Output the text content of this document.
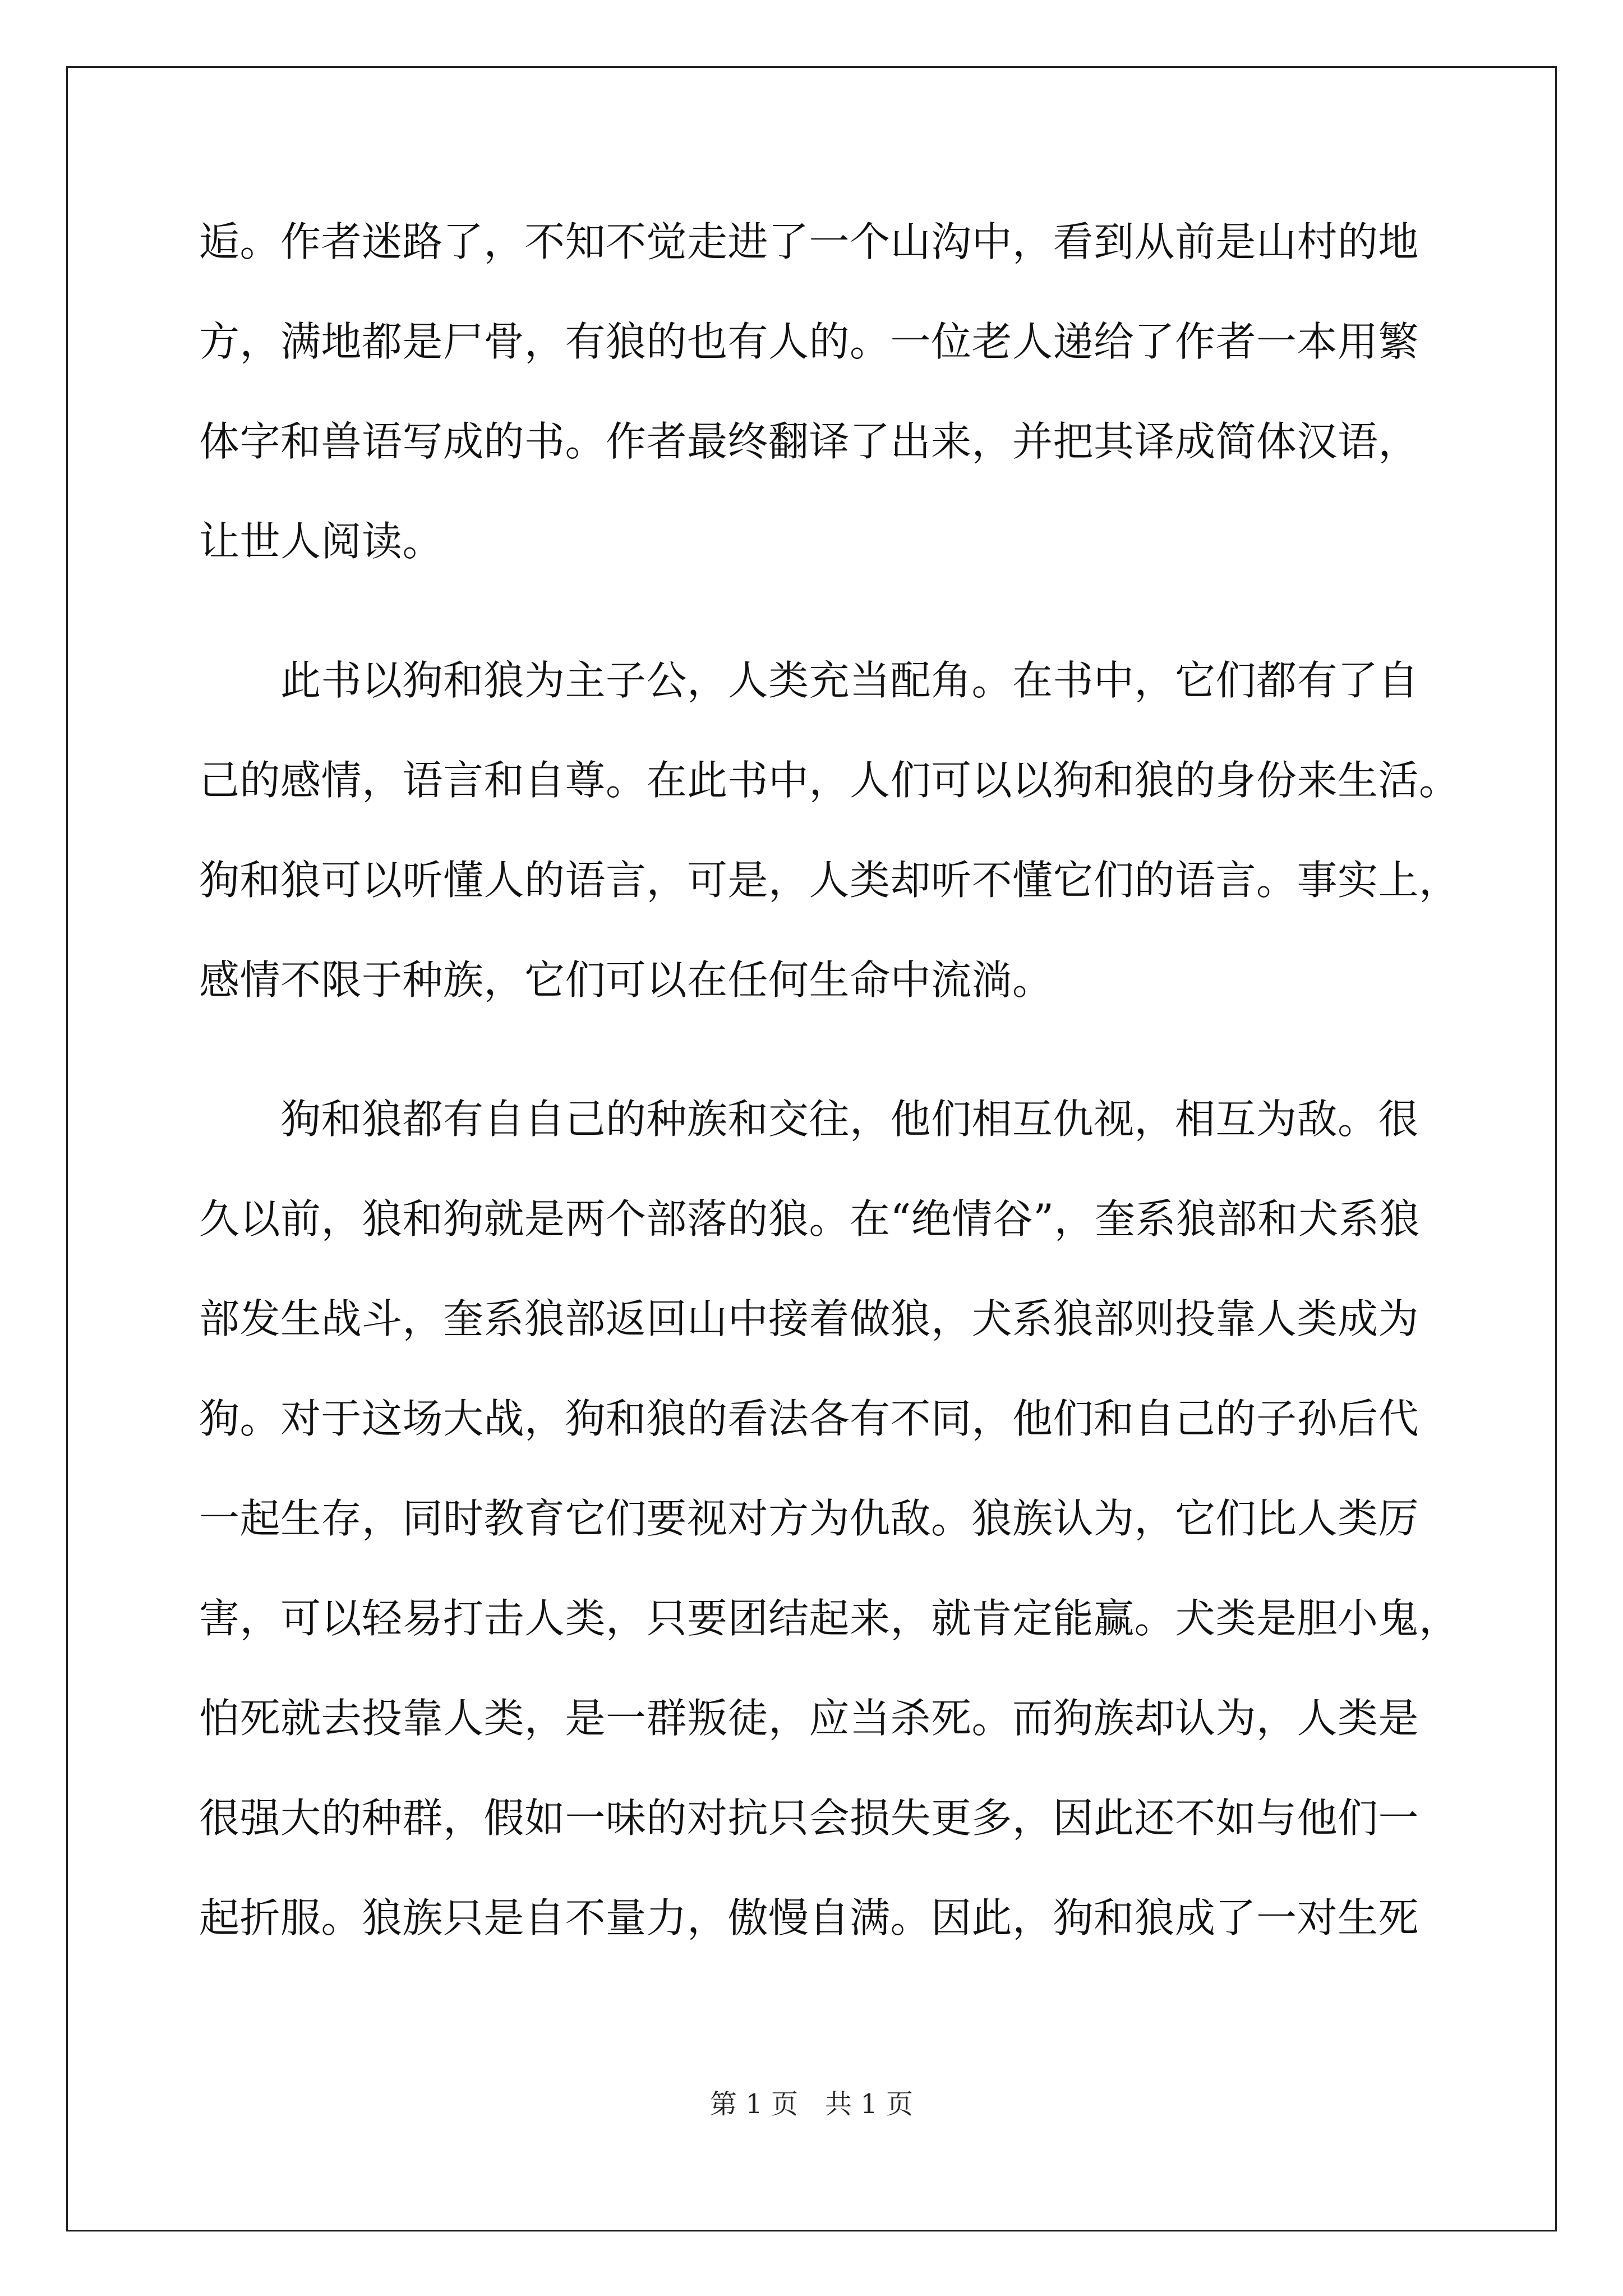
逅。作者迷路了，不知不觉走进了一个山沟中，看到从前是山村的地
方，满地都是尸骨，有狼的也有人的。一位老人递给了作者一本用繁
体字和兽语写成的书。作者最终翻译了出来，并把其译成简体汉语，
让世人阅读。
　　此书以狗和狼为主子公，人类充当配角。在书中，它们都有了自
己的感情，语言和自尊。在此书中，人们可以以狗和狼的身份来生活。
狗和狼可以听懂人的语言，可是，人类却听不懂它们的语言。事实上，
感情不限于种族，它们可以在任何生命中流淌。
　　狗和狼都有自自己的种族和交往，他们相互仇视，相互为敌。很
久以前，狼和狗就是两个部落的狼。在“绝情谷”，奎系狼部和犬系狼
部发生战斗，奎系狼部返回山中接着做狼，犬系狼部则投靠人类成为
狗。对于这场大战，狗和狼的看法各有不同，他们和自己的子孙后代
一起生存，同时教育它们要视对方为仇敌。狼族认为，它们比人类厉
害，可以轻易打击人类，只要团结起来，就肯定能赢。犬类是胆小鬼，
怕死就去投靠人类，是一群叛徒，应当杀死。而狗族却认为，人类是
很强大的种群，假如一味的对抗只会损失更多，因此还不如与他们一
起折服。狼族只是自不量力，傲慢自满。因此，狗和狼成了一对生死
第 1 页 共 1 页
